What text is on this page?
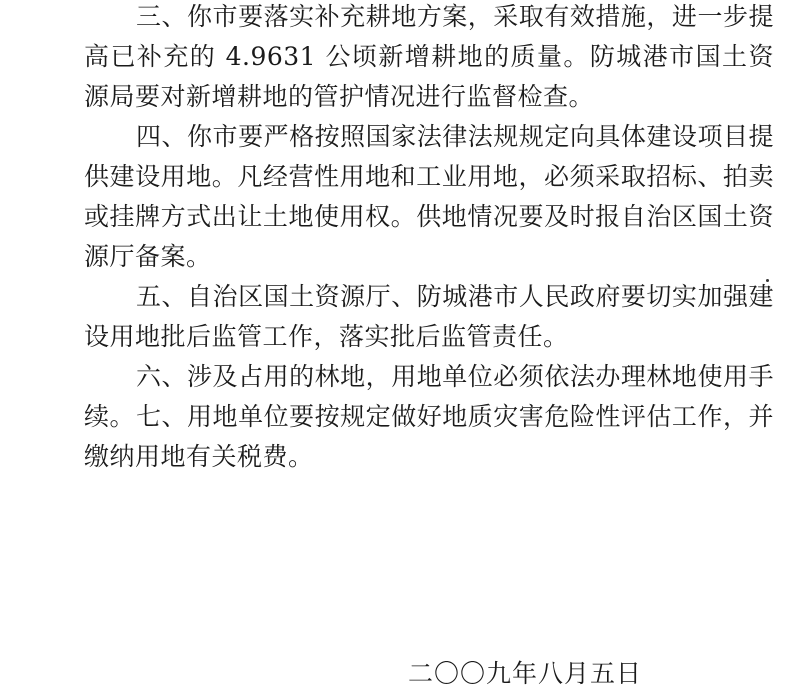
三、你市要落实补充耕地方案，采取有效措施，进一步提高已补充的 4.9631 公顷新增耕地的质量。防城港市国土资源局要对新增耕地的管护情况进行监督检查。

四、你市要严格按照国家法律法规规定向具体建设项目提供建设用地。凡经营性用地和工业用地，必须采取招标、拍卖或挂牌方式出让土地使用权。供地情况要及时报自治区国土资源厅备案。

五、自治区国土资源厅、防城港市人民政府要切实加强建设用地批后监管工作，落实批后监管责任。

六、涉及占用的林地，用地单位必须依法办理林地使用手续。 七、用地单位要按规定做好地质灾害危险性评估工作，并缴纳用地有关税费。

二〇〇九年八月五日
